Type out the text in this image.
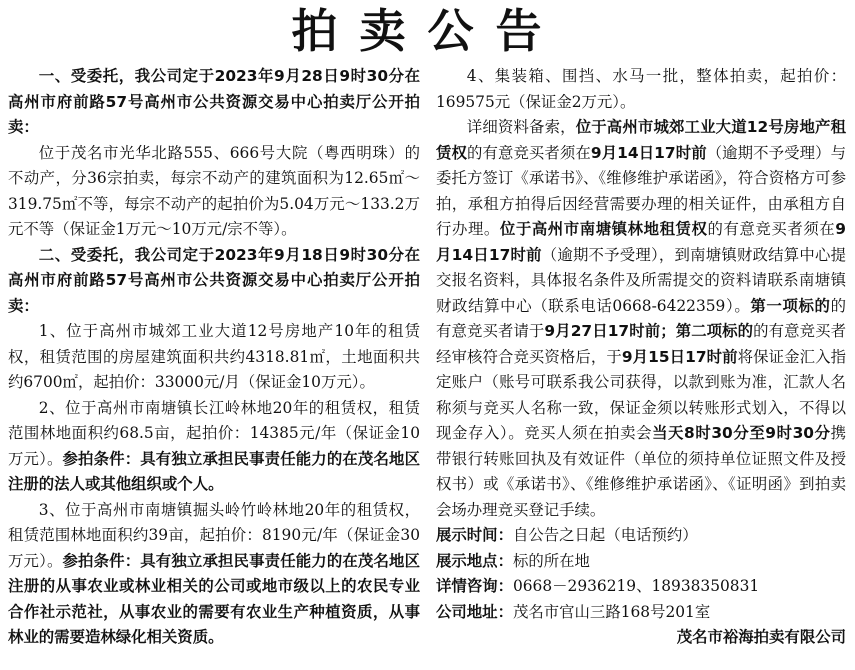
拍卖公告

一、受委托，我公司定于2023年9月28日9时30分在高州市府前路57号高州市公共资源交易中心拍卖厅公开拍卖：

位于茂名市光华北路555、666号大院（粤西明珠）的不动产，分36宗拍卖，每宗不动产的建筑面积为12.65㎡～319.75㎡不等，每宗不动产的起拍价为5.04万元～133.2万元不等（保证金1万元～10万元/宗不等）。

二、受委托，我公司定于2023年9月18日9时30分在高州市府前路57号高州市公共资源交易中心拍卖厅公开拍卖：

1、位于高州市城郊工业大道12号房地产10年的租赁权，租赁范围的房屋建筑面积共约4318.81㎡，土地面积共约6700㎡，起拍价：33000元/月（保证金10万元）。

2、位于高州市南塘镇长江岭林地20年的租赁权，租赁范围林地面积约68.5亩，起拍价：14385元/年（保证金10万元）。参拍条件：具有独立承担民事责任能力的在茂名地区注册的法人或其他组织或个人。

3、位于高州市南塘镇掘头岭竹岭林地20年的租赁权，租赁范围林地面积约39亩，起拍价：8190元/年（保证金30万元）。参拍条件：具有独立承担民事责任能力的在茂名地区注册的从事农业或林业相关的公司或地市级以上的农民专业合作社示范社，从事农业的需要有农业生产种植资质，从事林业的需要造林绿化相关资质。

4、集装箱、围挡、水马一批，整体拍卖，起拍价：169575元（保证金2万元）。

详细资料备索，位于高州市城郊工业大道12号房地产租赁权的有意竞买者须在9月14日17时前（逾期不予受理）与委托方签订《承诺书》、《维修维护承诺函》，符合资格方可参拍，承租方拍得后因经营需要办理的相关证件，由承租方自行办理。位于高州市南塘镇林地租赁权的有意竞买者须在9月14日17时前（逾期不予受理），到南塘镇财政结算中心提交报名资料，具体报名条件及所需提交的资料请联系南塘镇财政结算中心（联系电话0668-6422359）。第一项标的的有意竞买者请于9月27日17时前；第二项标的的有意竞买者经审核符合竞买资格后，于9月15日17时前将保证金汇入指定账户（账号可联系我公司获得，以款到账为准，汇款人名称须与竞买人名称一致，保证金须以转账形式划入，不得以现金存入）。竞买人须在拍卖会当天8时30分至9时30分携带银行转账回执及有效证件（单位的须持单位证照文件及授权书）或《承诺书》、《维修维护承诺函》、《证明函》到拍卖会场办理竞买登记手续。

展示时间：自公告之日起（电话预约）

展示地点：标的所在地

详情咨询：0668－2936219、18938350831

公司地址：茂名市官山三路168号201室

茂名市裕海拍卖有限公司
